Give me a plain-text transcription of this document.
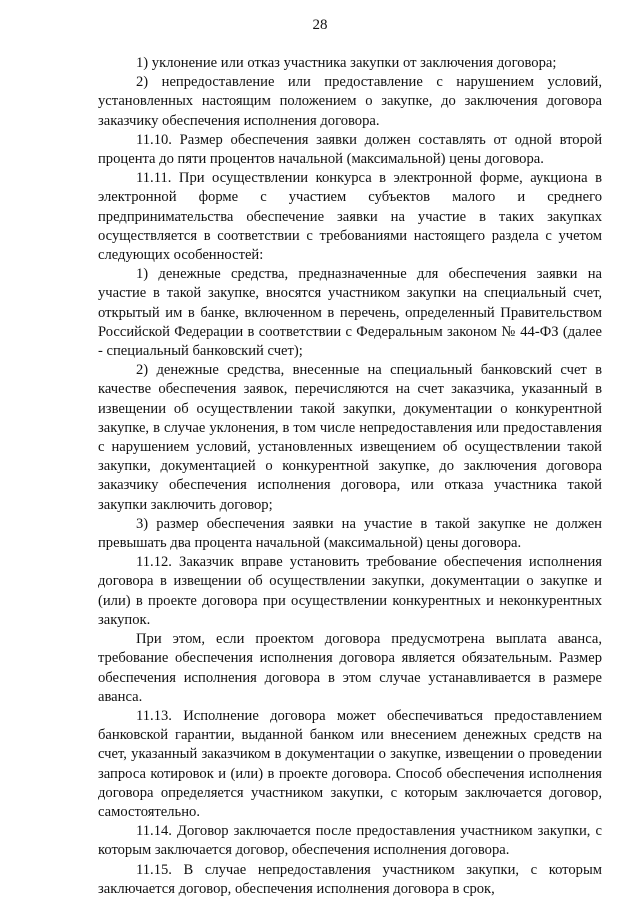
28

1) уклонение или отказ участника закупки от заключения договора;

2) непредоставление или предоставление с нарушением условий, установленных настоящим положением о закупке, до заключения договора заказчику обеспечения исполнения договора.

11.10. Размер обеспечения заявки должен составлять от одной второй процента до пяти процентов начальной (максимальной) цены договора.

11.11. При осуществлении конкурса в электронной форме, аукциона в электронной форме с участием субъектов малого и среднего предпринимательства обеспечение заявки на участие в таких закупках осуществляется в соответствии с требованиями настоящего раздела с учетом следующих особенностей:

1) денежные средства, предназначенные для обеспечения заявки на участие в такой закупке, вносятся участником закупки на специальный счет, открытый им в банке, включенном в перечень, определенный Правительством Российской Федерации в соответствии с Федеральным законом № 44-ФЗ (далее - специальный банковский счет);

2) денежные средства, внесенные на специальный банковский счет в качестве обеспечения заявок, перечисляются на счет заказчика, указанный в извещении об осуществлении такой закупки, документации о конкурентной закупке, в случае уклонения, в том числе непредоставления или предоставления с нарушением условий, установленных извещением об осуществлении такой закупки, документацией о конкурентной закупке, до заключения договора заказчику обеспечения исполнения договора, или отказа участника такой закупки заключить договор;

3) размер обеспечения заявки на участие в такой закупке не должен превышать два процента начальной (максимальной) цены договора.

11.12. Заказчик вправе установить требование обеспечения исполнения договора в извещении об осуществлении закупки, документации о закупке и (или) в проекте договора при осуществлении конкурентных и неконкурентных закупок.

При этом, если проектом договора предусмотрена выплата аванса, требование обеспечения исполнения договора является обязательным. Размер обеспечения исполнения договора в этом случае устанавливается в размере аванса.

11.13. Исполнение договора может обеспечиваться предоставлением банковской гарантии, выданной банком или внесением денежных средств на счет, указанный заказчиком в документации о закупке, извещении о проведении запроса котировок и (или) в проекте договора. Способ обеспечения исполнения договора определяется участником закупки, с которым заключается договор, самостоятельно.

11.14. Договор заключается после предоставления участником закупки, с которым заключается договор, обеспечения исполнения договора.

11.15. В случае непредоставления участником закупки, с которым заключается договор, обеспечения исполнения договора в срок,
